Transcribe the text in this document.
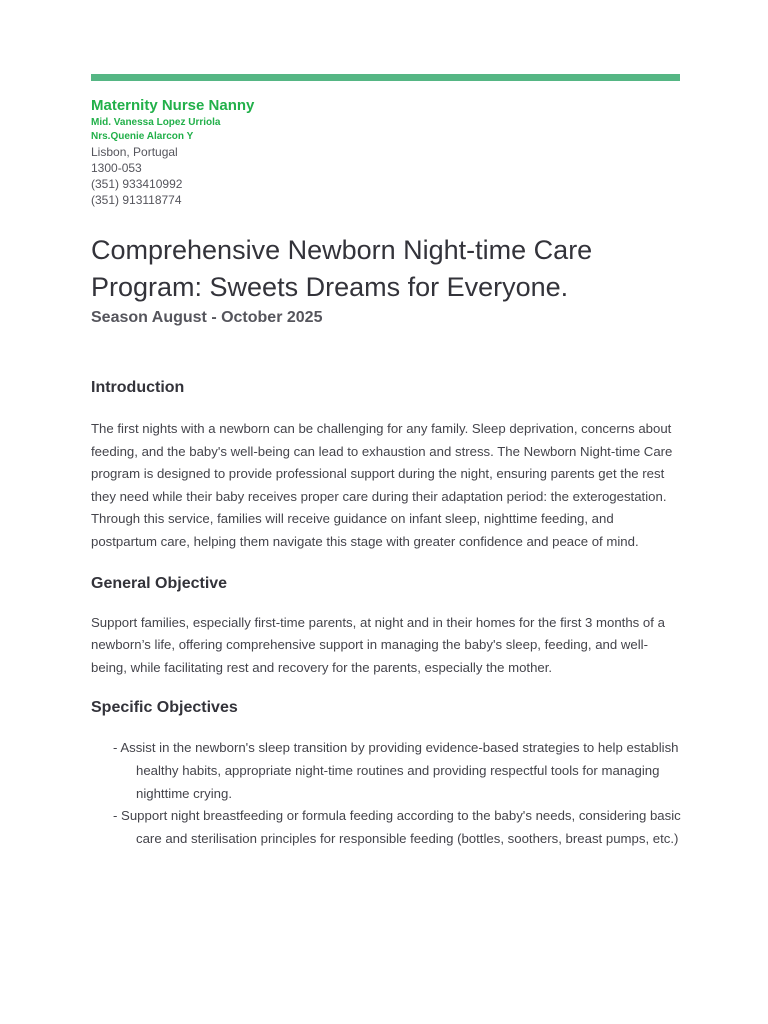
Maternity Nurse Nanny

Mid. Vanessa Lopez Urriola

Nrs.Quenie Alarcon Y

Lisbon, Portugal

1300-053

(351) 933410992

(351) 913118774

Comprehensive Newborn Night-time Care Program: Sweets Dreams for Everyone.

Season August - October 2025

Introduction

The first nights with a newborn can be challenging for any family. Sleep deprivation, concerns about feeding, and the baby's well-being can lead to exhaustion and stress. The Newborn Night-time Care program is designed to provide professional support during the night, ensuring parents get the rest they need while their baby receives proper care during their adaptation period: the exterogestation. Through this service, families will receive guidance on infant sleep, nighttime feeding, and postpartum care, helping them navigate this stage with greater confidence and peace of mind.

General Objective

Support families, especially first-time parents, at night and in their homes for the first 3 months of a newborn’s life, offering comprehensive support in managing the baby's sleep, feeding, and well-being, while facilitating rest and recovery for the parents, especially the mother.

Specific Objectives
- Assist in the newborn's sleep transition by providing evidence-based strategies to help establish healthy habits, appropriate night-time routines and providing respectful tools for managing nighttime crying.
- Support night breastfeeding or formula feeding according to the baby's needs, considering basic care and sterilisation principles for responsible feeding (bottles, soothers, breast pumps, etc.)
